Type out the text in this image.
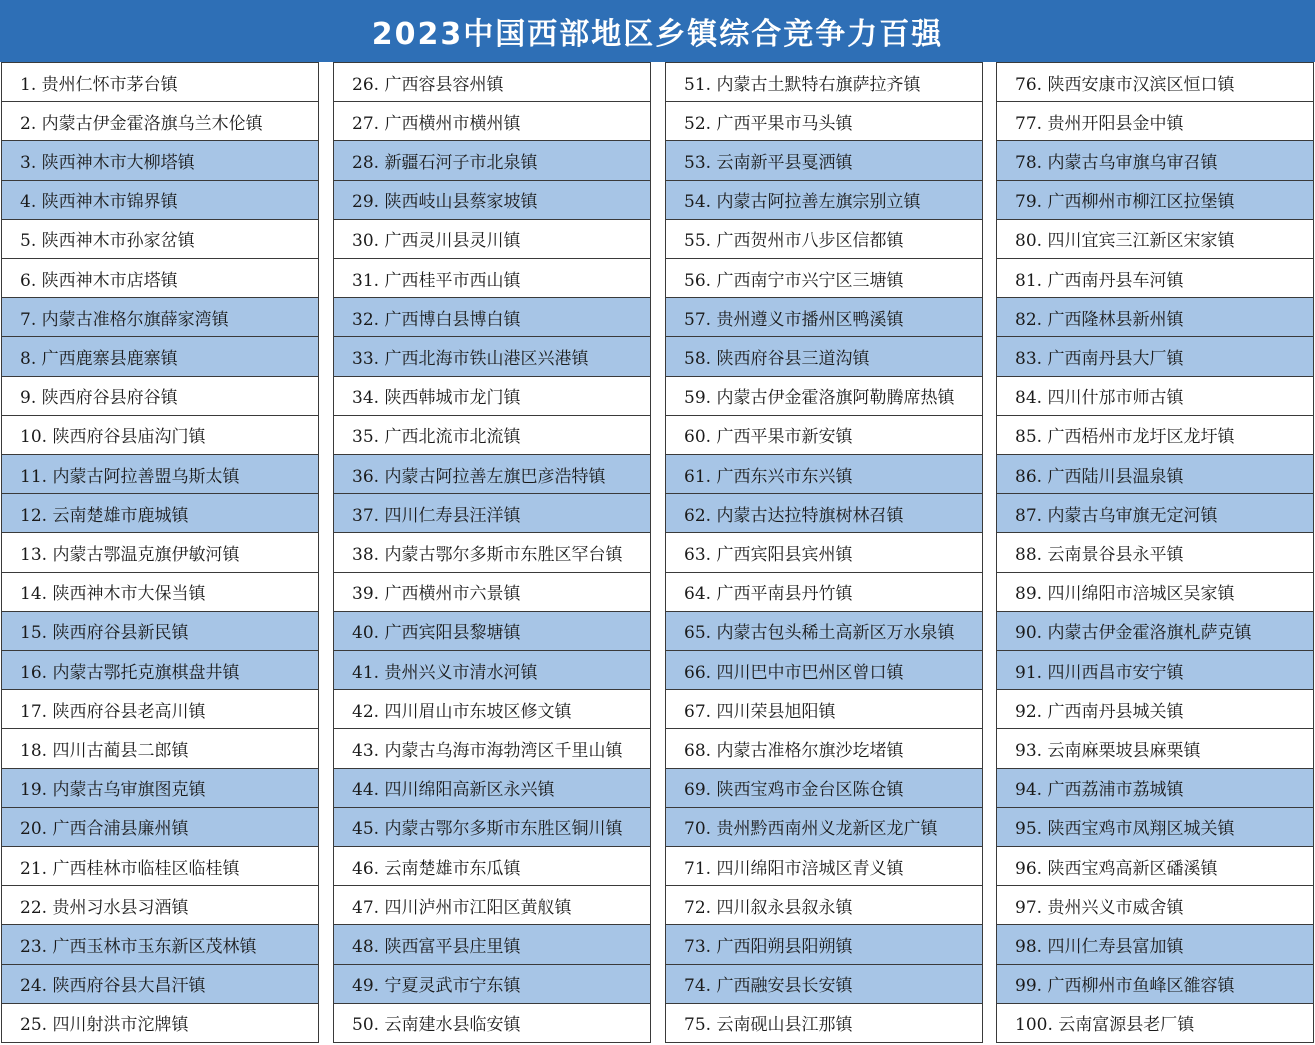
2023中国西部地区乡镇综合竞争力百强
1. 贵州仁怀市茅台镇
2. 内蒙古伊金霍洛旗乌兰木伦镇
3. 陕西神木市大柳塔镇
4. 陕西神木市锦界镇
5. 陕西神木市孙家岔镇
6. 陕西神木市店塔镇
7. 内蒙古准格尔旗薛家湾镇
8. 广西鹿寨县鹿寨镇
9. 陕西府谷县府谷镇
10. 陕西府谷县庙沟门镇
11. 内蒙古阿拉善盟乌斯太镇
12. 云南楚雄市鹿城镇
13. 内蒙古鄂温克旗伊敏河镇
14. 陕西神木市大保当镇
15. 陕西府谷县新民镇
16. 内蒙古鄂托克旗棋盘井镇
17. 陕西府谷县老高川镇
18. 四川古蔺县二郎镇
19. 内蒙古乌审旗图克镇
20. 广西合浦县廉州镇
21. 广西桂林市临桂区临桂镇
22. 贵州习水县习酒镇
23. 广西玉林市玉东新区茂林镇
24. 陕西府谷县大昌汗镇
25. 四川射洪市沱牌镇
26. 广西容县容州镇
27. 广西横州市横州镇
28. 新疆石河子市北泉镇
29. 陕西岐山县蔡家坡镇
30. 广西灵川县灵川镇
31. 广西桂平市西山镇
32. 广西博白县博白镇
33. 广西北海市铁山港区兴港镇
34. 陕西韩城市龙门镇
35. 广西北流市北流镇
36. 内蒙古阿拉善左旗巴彦浩特镇
37. 四川仁寿县汪洋镇
38. 内蒙古鄂尔多斯市东胜区罕台镇
39. 广西横州市六景镇
40. 广西宾阳县黎塘镇
41. 贵州兴义市清水河镇
42. 四川眉山市东坡区修文镇
43. 内蒙古乌海市海勃湾区千里山镇
44. 四川绵阳高新区永兴镇
45. 内蒙古鄂尔多斯市东胜区铜川镇
46. 云南楚雄市东瓜镇
47. 四川泸州市江阳区黄舣镇
48. 陕西富平县庄里镇
49. 宁夏灵武市宁东镇
50. 云南建水县临安镇
51. 内蒙古土默特右旗萨拉齐镇
52. 广西平果市马头镇
53. 云南新平县戛洒镇
54. 内蒙古阿拉善左旗宗别立镇
55. 广西贺州市八步区信都镇
56. 广西南宁市兴宁区三塘镇
57. 贵州遵义市播州区鸭溪镇
58. 陕西府谷县三道沟镇
59. 内蒙古伊金霍洛旗阿勒腾席热镇
60. 广西平果市新安镇
61. 广西东兴市东兴镇
62. 内蒙古达拉特旗树林召镇
63. 广西宾阳县宾州镇
64. 广西平南县丹竹镇
65. 内蒙古包头稀土高新区万水泉镇
66. 四川巴中市巴州区曾口镇
67. 四川荣县旭阳镇
68. 内蒙古准格尔旗沙圪堵镇
69. 陕西宝鸡市金台区陈仓镇
70. 贵州黔西南州义龙新区龙广镇
71. 四川绵阳市涪城区青义镇
72. 四川叙永县叙永镇
73. 广西阳朔县阳朔镇
74. 广西融安县长安镇
75. 云南砚山县江那镇
76. 陕西安康市汉滨区恒口镇
77. 贵州开阳县金中镇
78. 内蒙古乌审旗乌审召镇
79. 广西柳州市柳江区拉堡镇
80. 四川宜宾三江新区宋家镇
81. 广西南丹县车河镇
82. 广西隆林县新州镇
83. 广西南丹县大厂镇
84. 四川什邡市师古镇
85. 广西梧州市龙圩区龙圩镇
86. 广西陆川县温泉镇
87. 内蒙古乌审旗无定河镇
88. 云南景谷县永平镇
89. 四川绵阳市涪城区吴家镇
90. 内蒙古伊金霍洛旗札萨克镇
91. 四川西昌市安宁镇
92. 广西南丹县城关镇
93. 云南麻栗坡县麻栗镇
94. 广西荔浦市荔城镇
95. 陕西宝鸡市凤翔区城关镇
96. 陕西宝鸡高新区磻溪镇
97. 贵州兴义市威舍镇
98. 四川仁寿县富加镇
99. 广西柳州市鱼峰区雒容镇
100. 云南富源县老厂镇
